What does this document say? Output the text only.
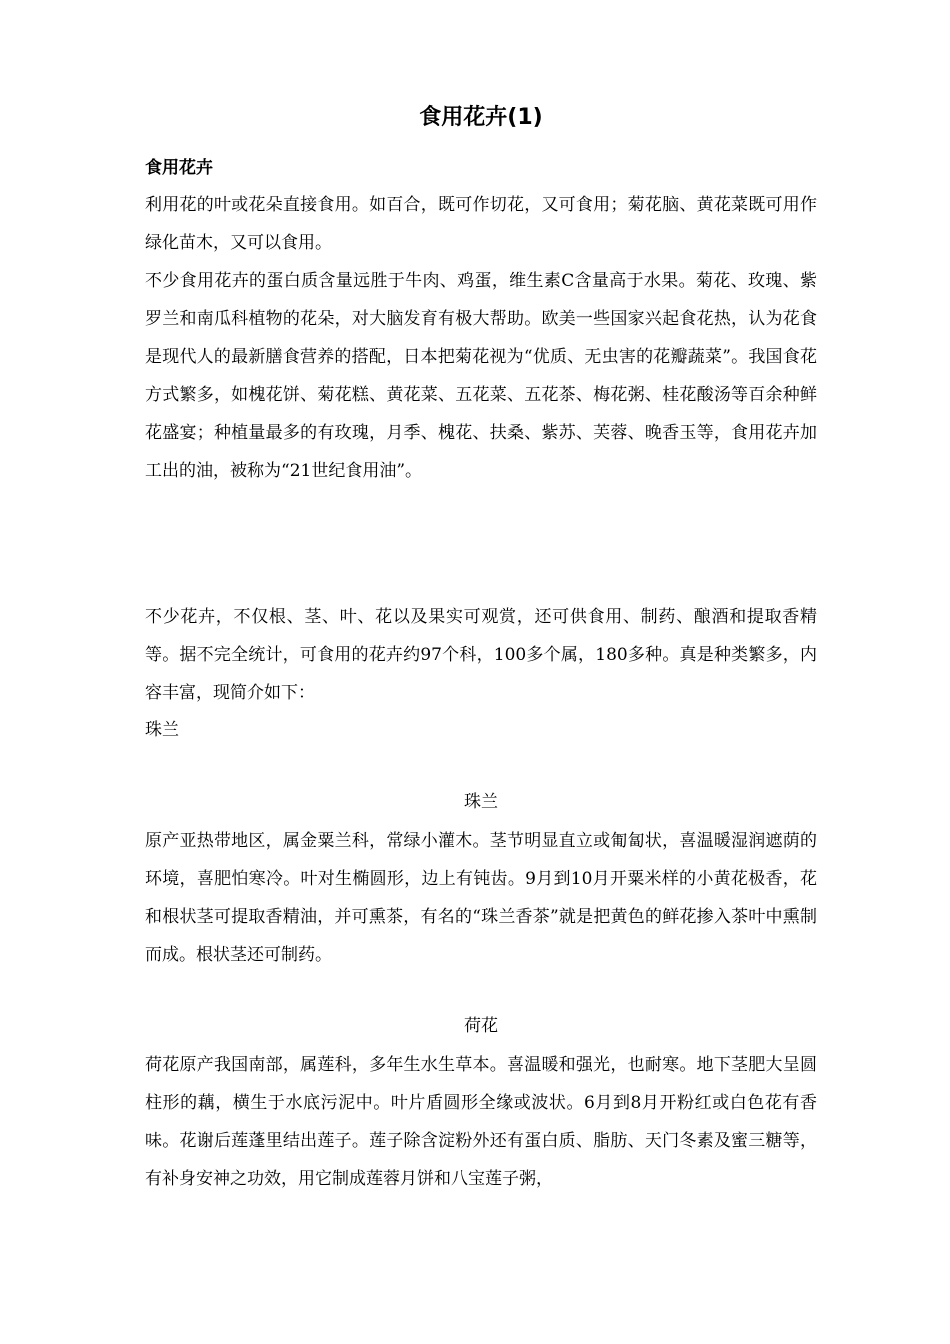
食用花卉(1)
食用花卉

利用花的叶或花朵直接食用。如百合，既可作切花，又可食用；菊花脑、黄花菜既可用作绿化苗木，又可以食用。

不少食用花卉的蛋白质含量远胜于牛肉、鸡蛋，维生素C含量高于水果。菊花、玫瑰、紫罗兰和南瓜科植物的花朵，对大脑发育有极大帮助。欧美一些国家兴起食花热，认为花食是现代人的最新膳食营养的搭配，日本把菊花视为“优质、无虫害的花瓣蔬菜”。我国食花方式繁多，如槐花饼、菊花糕、黄花菜、五花菜、五花茶、梅花粥、桂花酸汤等百余种鲜花盛宴；种植量最多的有玫瑰，月季、槐花、扶桑、紫苏、芙蓉、晚香玉等，食用花卉加工出的油，被称为“21世纪食用油”。

不少花卉，不仅根、茎、叶、花以及果实可观赏，还可供食用、制药、酿酒和提取香精等。据不完全统计，可食用的花卉约97个科，100多个属，180多种。真是种类繁多，内容丰富，现简介如下：

珠兰

珠兰

原产亚热带地区，属金粟兰科，常绿小灌木。茎节明显直立或匍匐状，喜温暖湿润遮荫的环境，喜肥怕寒冷。叶对生椭圆形，边上有钝齿。9月到10月开粟米样的小黄花极香，花和根状茎可提取香精油，并可熏茶，有名的“珠兰香茶”就是把黄色的鲜花掺入茶叶中熏制而成。根状茎还可制药。

荷花

荷花原产我国南部，属莲科，多年生水生草本。喜温暖和强光，也耐寒。地下茎肥大呈圆柱形的藕，横生于水底污泥中。叶片盾圆形全缘或波状。6月到8月开粉红或白色花有香味。花谢后莲蓬里结出莲子。莲子除含淀粉外还有蛋白质、脂肪、天门冬素及蜜三糖等，有补身安神之功效，用它制成莲蓉月饼和八宝莲子粥，
